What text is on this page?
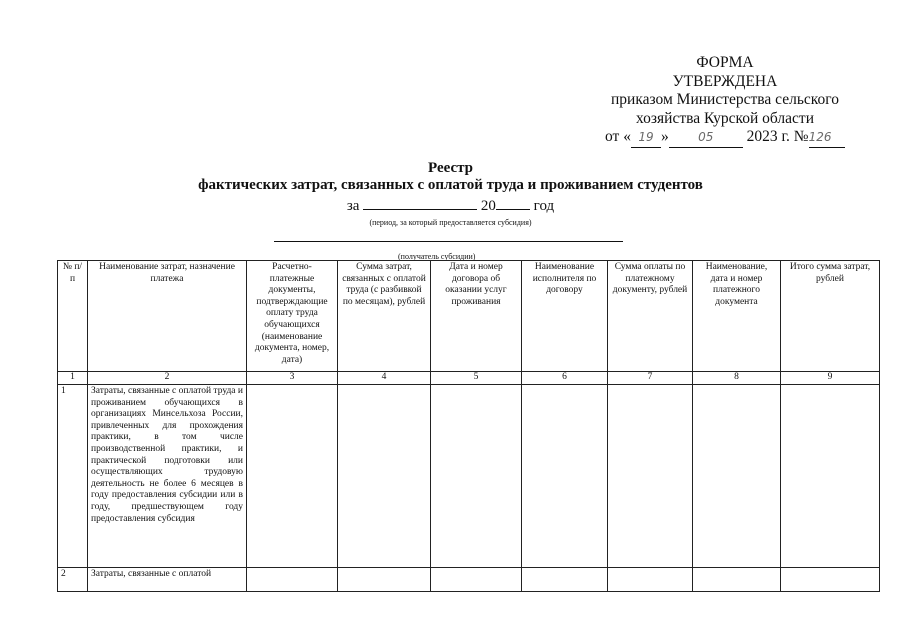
ФОРМА
УТВЕРЖДЕНА
приказом Министерства сельского
хозяйства Курской области
от « 19 » 05 2023 г. №126
Реестр
фактических затрат, связанных с оплатой труда и проживанием студентов
за	20	год
(период, за который предоставляется субсидия)
(получатель субсидии)
№ п/п	Наименование затрат, назначение платежа	Расчетно-платежные документы, подтверждающие оплату труда обучающихся (наименование документа, номер, дата)	Сумма затрат, связанных с оплатой труда (с разбивкой по месяцам), рублей	Дата и номер договора об оказании услуг проживания	Наименование исполнителя по договору	Сумма оплаты по платежному документу, рублей	Наименование, дата и номер платежного документа	Итого сумма затрат, рублей
1	2	3	4	5	6	7	8	9
1	Затраты, связанные с оплатой труда и проживанием обучающихся в организациях Минсельхоза России, привлеченных для прохождения практики, в том числе производственной практики, и практической подготовки или осуществляющих трудовую деятельность не более 6 месяцев в году предоставления субсидии или в году, предшествующем году предоставления субсидия							
2	Затраты, связанные с оплатой							
